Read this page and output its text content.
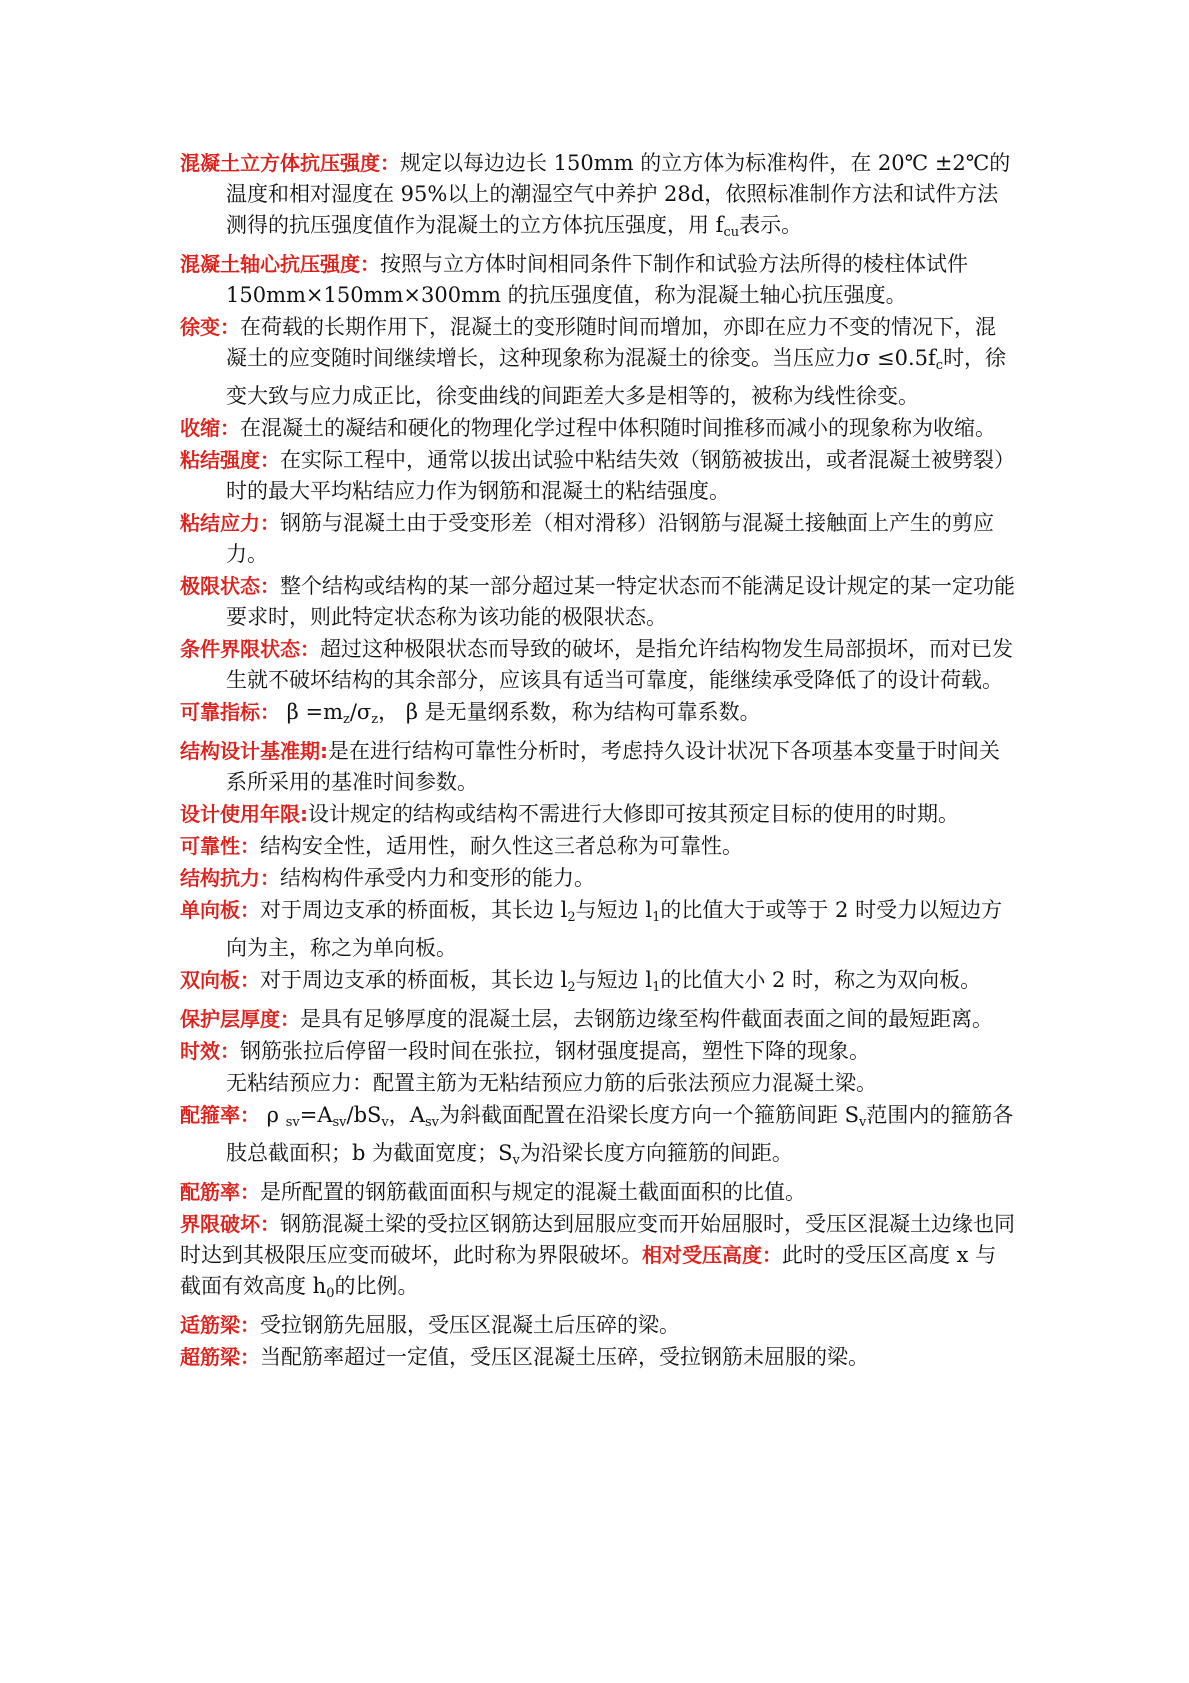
混凝土立方体抗压强度：规定以每边边长 150mm 的立方体为标准构件，在 20℃ ±2℃的温度和相对湿度在 95%以上的潮湿空气中养护 28d，依照标准制作方法和试件方法测得的抗压强度值作为混凝土的立方体抗压强度，用 $f_{cu}$表示。
混凝土轴心抗压强度：按照与立方体时间相同条件下制作和试验方法所得的棱柱体试件 150mm×150mm×300mm 的抗压强度值，称为混凝土轴心抗压强度。
徐变：在荷载的长期作用下，混凝土的变形随时间而增加，亦即在应力不变的情况下，混凝土的应变随时间继续增长，这种现象称为混凝土的徐变。当压应力$\sigma \le 0.5f_c$时，徐变大致与应力成正比，徐变曲线的间距差大多是相等的，被称为线性徐变。
收缩：在混凝土的凝结和硬化的物理化学过程中体积随时间推移而减小的现象称为收缩。
粘结强度：在实际工程中，通常以拔出试验中粘结失效（钢筋被拔出，或者混凝土被劈裂）时的最大平均粘结应力作为钢筋和混凝土的粘结强度。
粘结应力：钢筋与混凝土由于受变形差（相对滑移）沿钢筋与混凝土接触面上产生的剪应力。
极限状态：整个结构或结构的某一部分超过某一特定状态而不能满足设计规定的某一定功能要求时，则此特定状态称为该功能的极限状态。
条件界限状态：超过这种极限状态而导致的破坏，是指允许结构物发生局部损坏，而对已发生就不破坏结构的其余部分，应该具有适当可靠度，能继续承受降低了的设计荷载。
可靠指标： $\beta =m_z/\sigma_z$， β 是无量纲系数，称为结构可靠系数。
结构设计基准期:是在进行结构可靠性分析时，考虑持久设计状况下各项基本变量于时间关系所采用的基准时间参数。
设计使用年限:设计规定的结构或结构不需进行大修即可按其预定目标的使用的时期。
可靠性：结构安全性，适用性，耐久性这三者总称为可靠性。
结构抗力：结构构件承受内力和变形的能力。
单向板：对于周边支承的桥面板，其长边 $l_2$与短边 $l_1$的比值大于或等于 2 时受力以短边方向为主，称之为单向板。
双向板：对于周边支承的桥面板，其长边 $l_2$与短边 $l_1$的比值大小 2 时，称之为双向板。
保护层厚度：是具有足够厚度的混凝土层，去钢筋边缘至构件截面表面之间的最短距离。
时效：钢筋张拉后停留一段时间在张拉，钢材强度提高，塑性下降的现象。
无粘结预应力：配置主筋为无粘结预应力筋的后张法预应力混凝土梁。
配箍率： ρ $_{sv}=A_{sv}/bS_v$，$A_{sv}$为斜截面配置在沿梁长度方向一个箍筋间距 $S_v$范围内的箍筋各肢总截面积；b 为截面宽度；$S_v$为沿梁长度方向箍筋的间距。
配筋率：是所配置的钢筋截面面积与规定的混凝土截面面积的比值。
界限破坏：钢筋混凝土梁的受拉区钢筋达到屈服应变而开始屈服时，受压区混凝土边缘也同时达到其极限压应变而破坏，此时称为界限破坏。相对受压高度：此时的受压区高度 x 与截面有效高度 $h_0$的比例。
适筋梁：受拉钢筋先屈服，受压区混凝土后压碎的梁。
超筋梁：当配筋率超过一定值，受压区混凝土压碎，受拉钢筋未屈服的梁。
